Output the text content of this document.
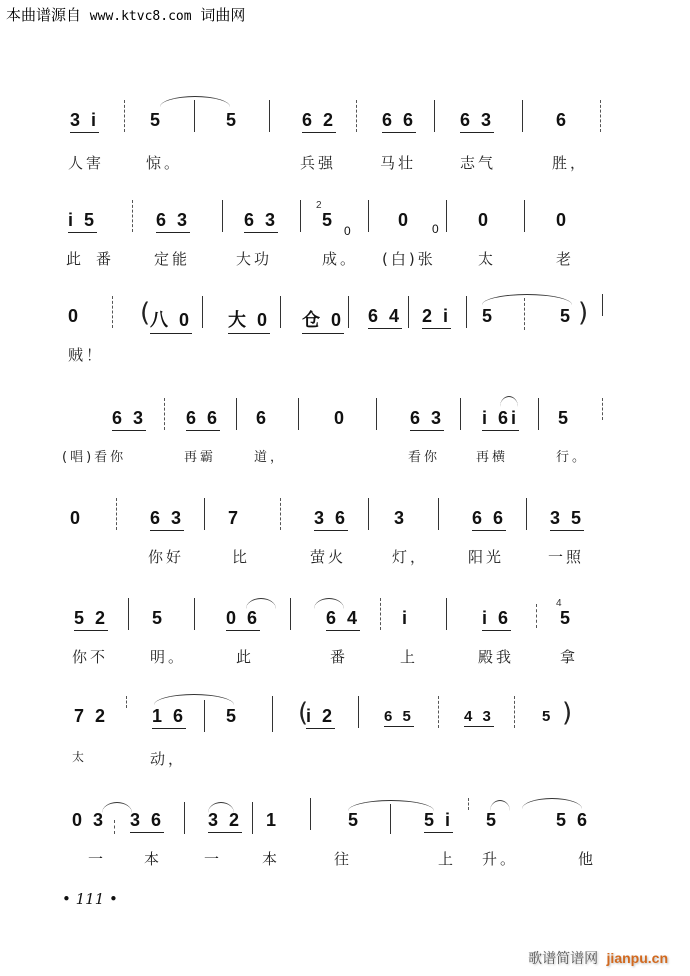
本曲谱源自 www.ktvc8.com 词曲网
3 i	5	5	6 2	6 6 6 3	6
人害	惊。	兵强	马壮	志气	胜，
i 5	6 3	6 3
2
5
0
0 0 0	0
此 番	定能	大功	成。 (白)张	太	老
0 ( 八 0 大 0 仓 0 6 4 2 i 5	5 )
贼！
6 3 6 6 6	0	6 3 i 6i 5
(唱)看你	再霸	道，	看你	再横	行。
0	6 3 7	3 6	3	6 6 3 5
你好	比	萤火	灯，	阳光	一照
5 2 5	0 6	6 4 i	i 6
4
5
你不	明。	此	番	上	殿我	拿
7 2 1 6 5 (
i 2	6 5	4 3	5 )
太	动，
0 3 3 6 3 2 1	5	5 i 5	5 6
一	本	一	本	往	上 升。	他
• 111 •
歌谱简谱网 jianpu.cn
